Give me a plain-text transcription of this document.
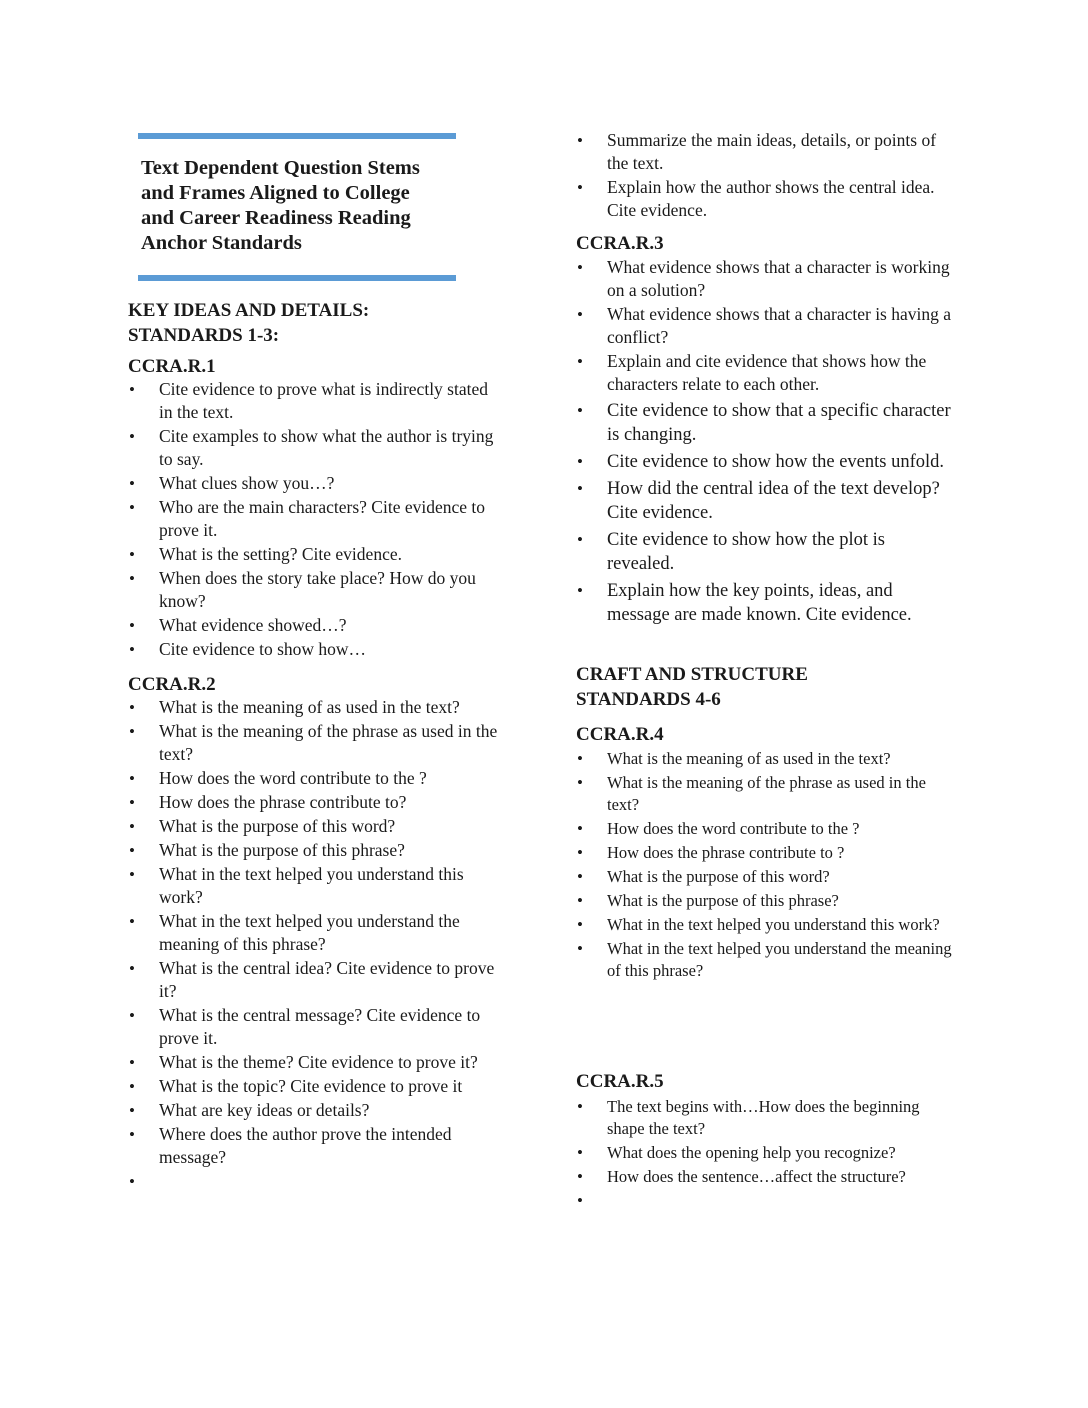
Text Dependent Question Stems
and Frames Aligned to College
and Career Readiness Reading
Anchor Standards
KEY IDEAS AND DETAILS:
STANDARDS 1-3:
CCRA.R.1
• Cite evidence to prove what is indirectly stated in the text.
• Cite examples to show what the author is trying to say.
• What clues show you…?
• Who are the main characters? Cite evidence to prove it.
• What is the setting? Cite evidence.
• When does the story take place? How do you know?
• What evidence showed…?
• Cite evidence to show how…
CCRA.R.2
• What is the meaning of as used in the text?
• What is the meaning of the phrase as used in the text?
• How does the word contribute to the ?
• How does the phrase contribute to?
• What is the purpose of this word?
• What is the purpose of this phrase?
• What in the text helped you understand this work?
• What in the text helped you understand the meaning of this phrase?
• What is the central idea? Cite evidence to prove it?
• What is the central message? Cite evidence to prove it.
• What is the theme? Cite evidence to prove it?
• What is the topic? Cite evidence to prove it
• What are key ideas or details?
• Where does the author prove the intended message?
•

• Summarize the main ideas, details, or points of the text.
• Explain how the author shows the central idea. Cite evidence.
CCRA.R.3
• What evidence shows that a character is working on a solution?
• What evidence shows that a character is having a conflict?
• Explain and cite evidence that shows how the characters relate to each other.
• Cite evidence to show that a specific character is changing.
• Cite evidence to show how the events unfold.
• How did the central idea of the text develop? Cite evidence.
• Cite evidence to show how the plot is revealed.
• Explain how the key points, ideas, and message are made known. Cite evidence.
CRAFT AND STRUCTURE
STANDARDS 4-6
CCRA.R.4
• What is the meaning of as used in the text?
• What is the meaning of the phrase as used in the text?
• How does the word contribute to the ?
• How does the phrase contribute to ?
• What is the purpose of this word?
• What is the purpose of this phrase?
• What in the text helped you understand this work?
• What in the text helped you understand the meaning of this phrase?
CCRA.R.5
• The text begins with…How does the beginning shape the text?
• What does the opening help you recognize?
• How does the sentence…affect the structure?
•
